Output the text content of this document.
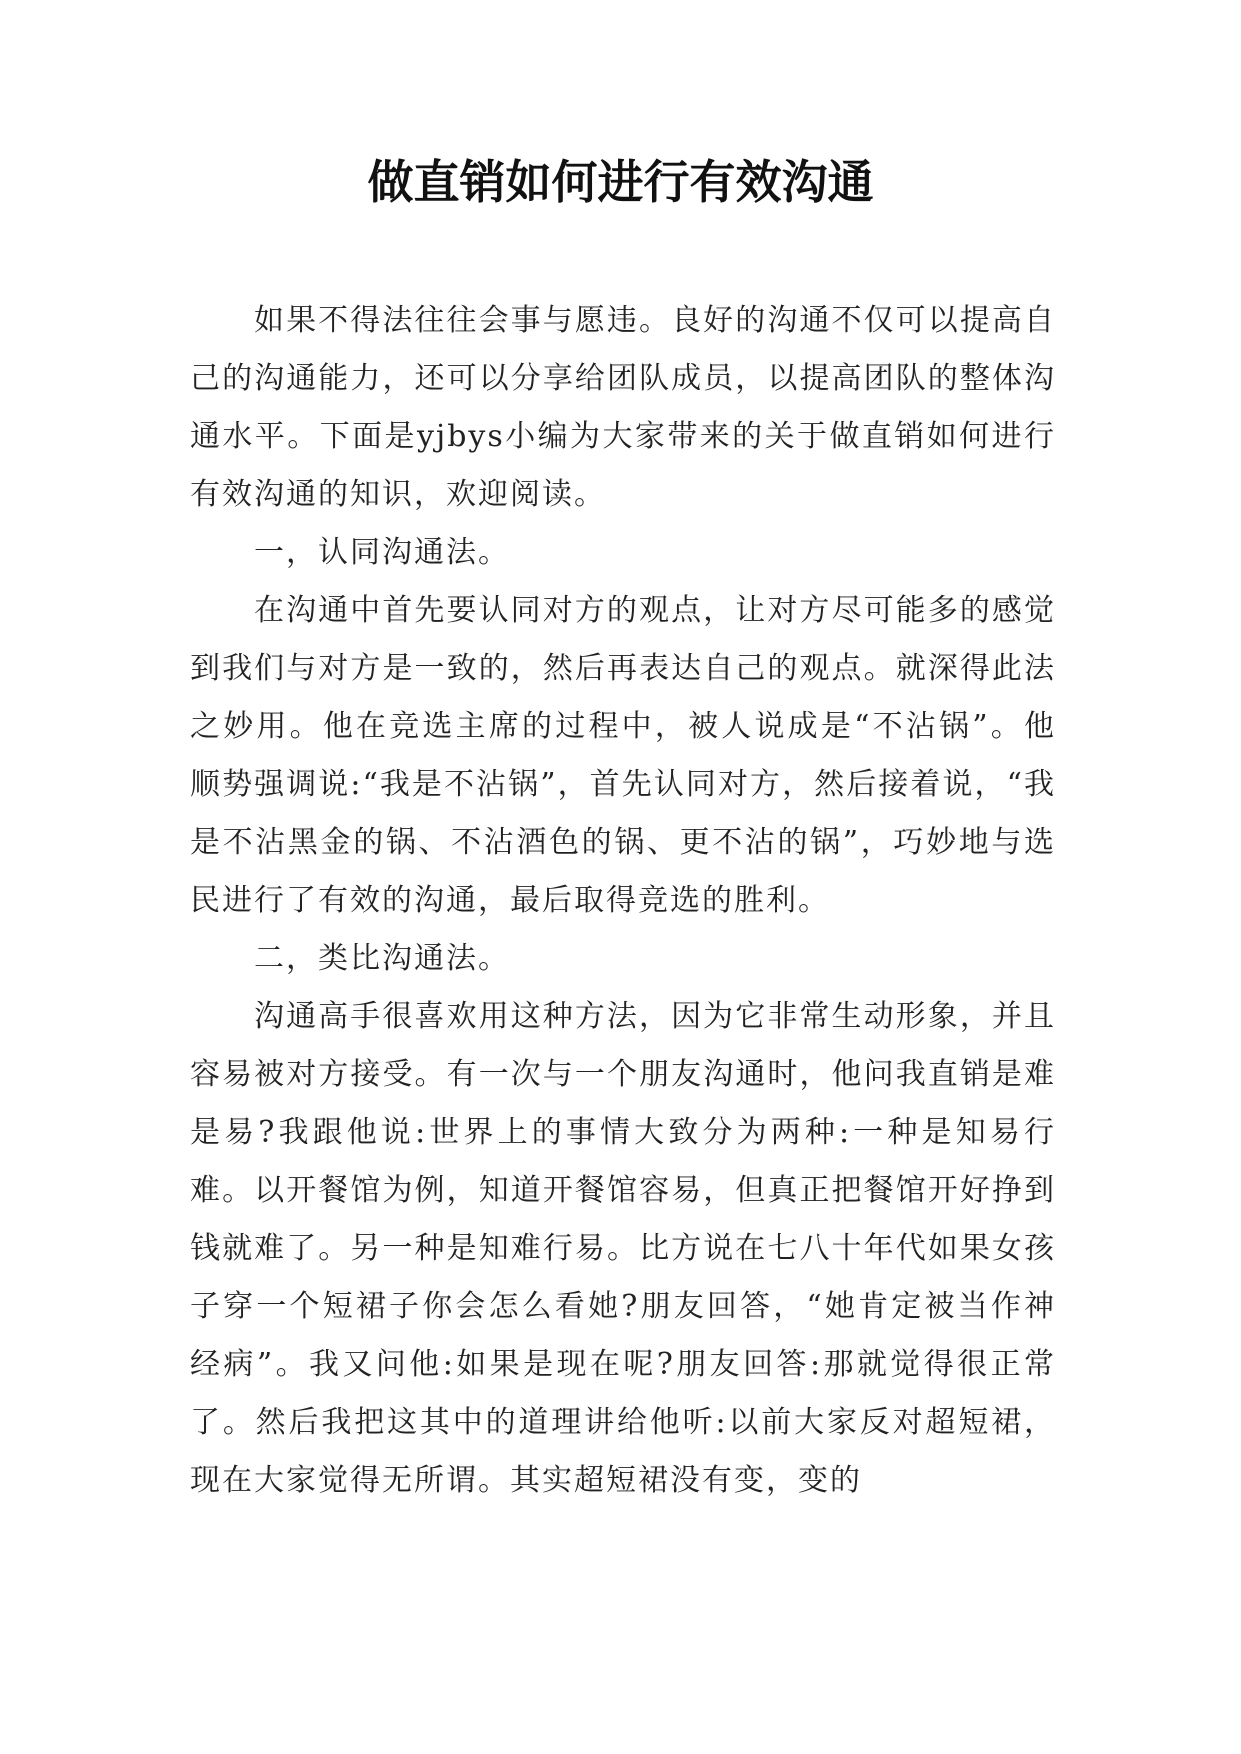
做直销如何进行有效沟通

如果不得法往往会事与愿违。良好的沟通不仅可以提高自己的沟通能力，还可以分享给团队成员，以提高团队的整体沟通水平。下面是yjbys小编为大家带来的关于做直销如何进行有效沟通的知识，欢迎阅读。

一，认同沟通法。

在沟通中首先要认同对方的观点，让对方尽可能多的感觉到我们与对方是一致的，然后再表达自己的观点。就深得此法之妙用。他在竞选主席的过程中，被人说成是“不沾锅”。他顺势强调说:“我是不沾锅”，首先认同对方，然后接着说，“我是不沾黑金的锅、不沾酒色的锅、更不沾的锅”，巧妙地与选民进行了有效的沟通，最后取得竞选的胜利。

二，类比沟通法。

沟通高手很喜欢用这种方法，因为它非常生动形象，并且容易被对方接受。有一次与一个朋友沟通时，他问我直销是难是易?我跟他说:世界上的事情大致分为两种:一种是知易行难。以开餐馆为例，知道开餐馆容易，但真正把餐馆开好挣到钱就难了。另一种是知难行易。比方说在七八十年代如果女孩子穿一个短裙子你会怎么看她?朋友回答，“她肯定被当作神经病”。我又问他:如果是现在呢?朋友回答:那就觉得很正常了。然后我把这其中的道理讲给他听:以前大家反对超短裙，现在大家觉得无所谓。其实超短裙没有变，变的
